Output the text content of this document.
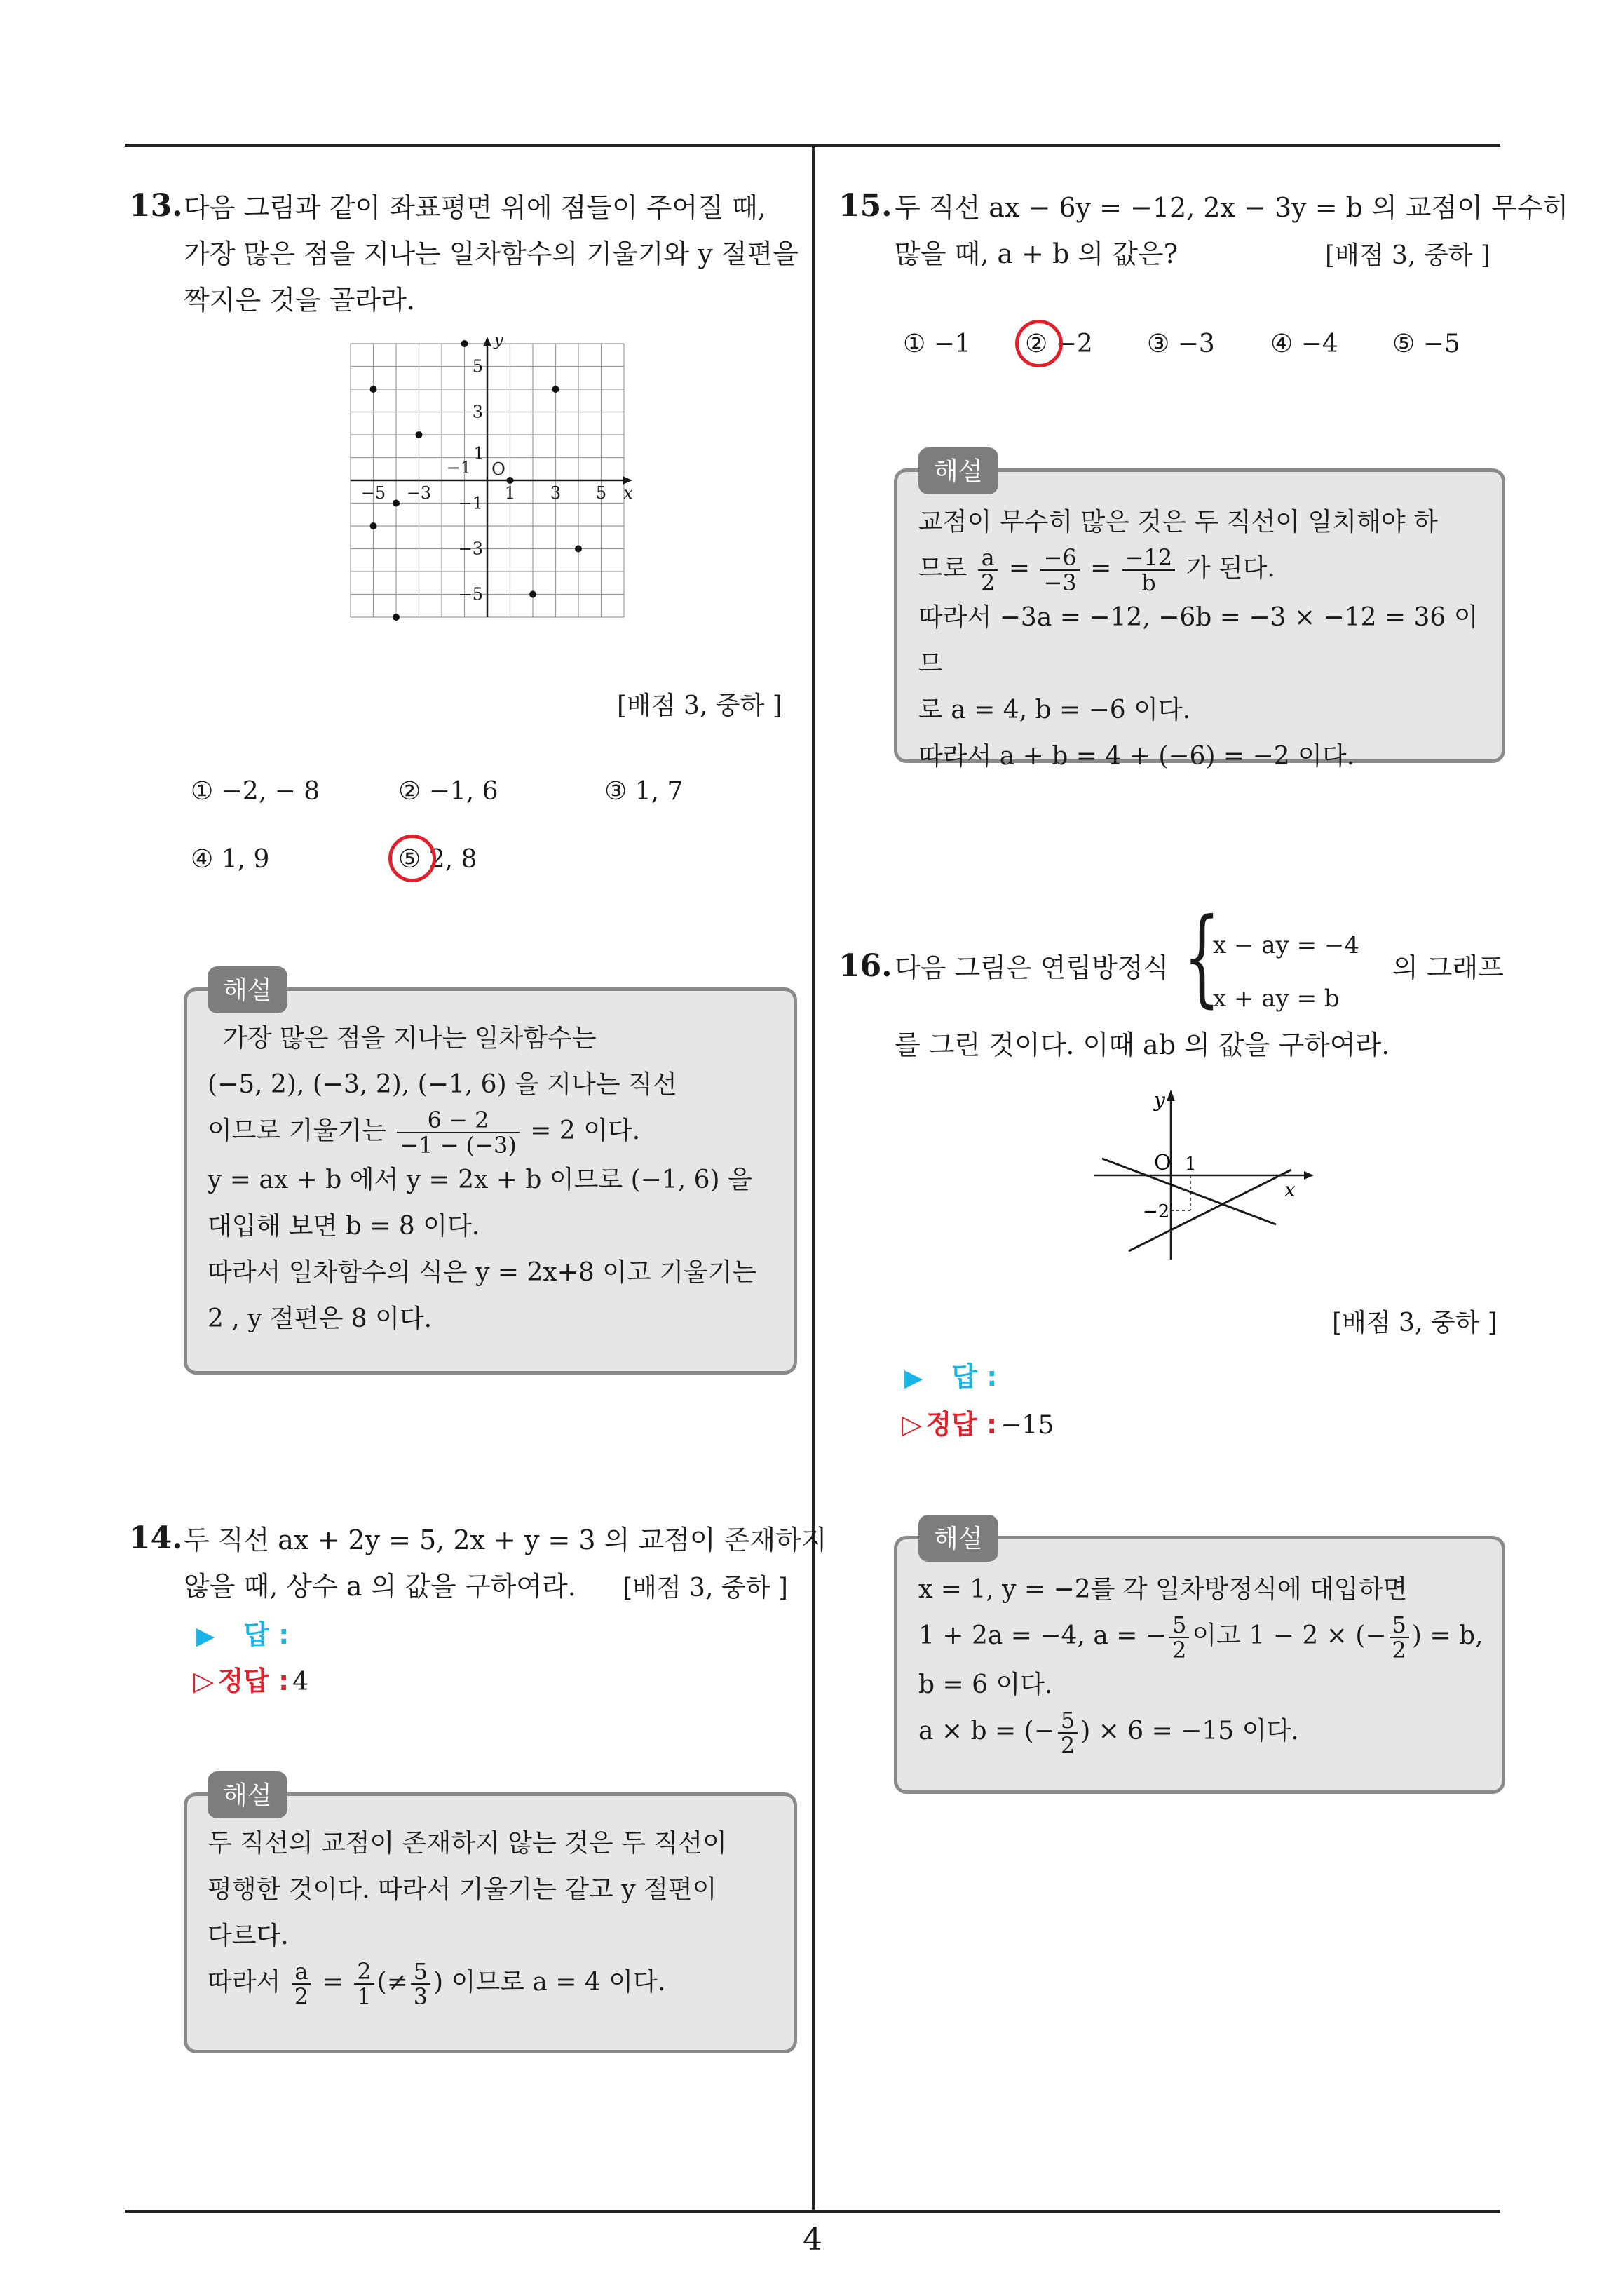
4
13. 다음 그림과 같이 좌표평면 위에 점들이 주어질 때,
가장 많은 점을 지나는 일차함수의 기울기와 y 절편을
짝지은 것을 골라라.
−5 −3
−1
1 3 5
5
3
1
−1
−3
−5
O
x
y
[배점 3, 중하 ]
① −2, − 8	② −1, 6	③ 1, 7
④ 1, 9	⑤ 2, 8
해설
가장 많은 점을 지나는 일차함수는
(−5, 2), (−3, 2), (−1, 6) 을 지나는 직선
이므로 기울기는 $\frac{6 - 2}{-1 - (-3)} = 2$ 이다.
y = ax + b 에서 y = 2x + b 이므로 (−1, 6) 을
대입해 보면 b = 8 이다.
따라서 일차함수의 식은 y = 2x+8 이고 기울기는
2 , y 절편은 8 이다.
14. 두 직선 ax + 2y = 5, 2x + y = 3 의 교점이 존재하지
않을 때, 상수 a 의 값을 구하여라.	[배점 3, 중하 ]
▶ 답 :
▷ 정답 : 4
해설
두 직선의 교점이 존재하지 않는 것은 두 직선이
평행한 것이다. 따라서 기울기는 같고 y 절편이
다르다.
따라서 $\frac{a}{2} = \frac{2}{1}$ (≠ $\frac{5}{3}$ ) 이므로 a = 4 이다.
15. 두 직선 ax − 6y = −12, 2x − 3y = b 의 교점이 무수히
많을 때, a + b 의 값은?	[배점 3, 중하 ]
① −1 ② −2 ③ −3 ④ −4 ⑤ −5
해설
교점이 무수히 많은 것은 두 직선이 일치해야 하
므로 $\frac{a}{2} = \frac{-6}{-3} = \frac{-12}{b}$ 가 된다.
따라서 −3a = −12, −6b = −3 × −12 = 36 이므
로 a = 4, b = −6 이다.
따라서 a + b = 4 + (−6) = −2 이다.
16. 다음 그림은 연립방정식 {
x − ay = −4
x + ay = b
의 그래프
를 그린 것이다. 이때 ab 의 값을 구하여라.
y
O 1
x
−2
[배점 3, 중하 ]
▶ 답 :
▷ 정답 : −15
해설
x = 1, y = −2를 각 일차방정식에 대입하면
1 + 2a = −4, a = − $\frac{5}{2}$ 이고 1 − 2 × (− $\frac{5}{2}$ ) = b,
b = 6 이다.
a × b = (− $\frac{5}{2}$ ) × 6 = −15 이다.
